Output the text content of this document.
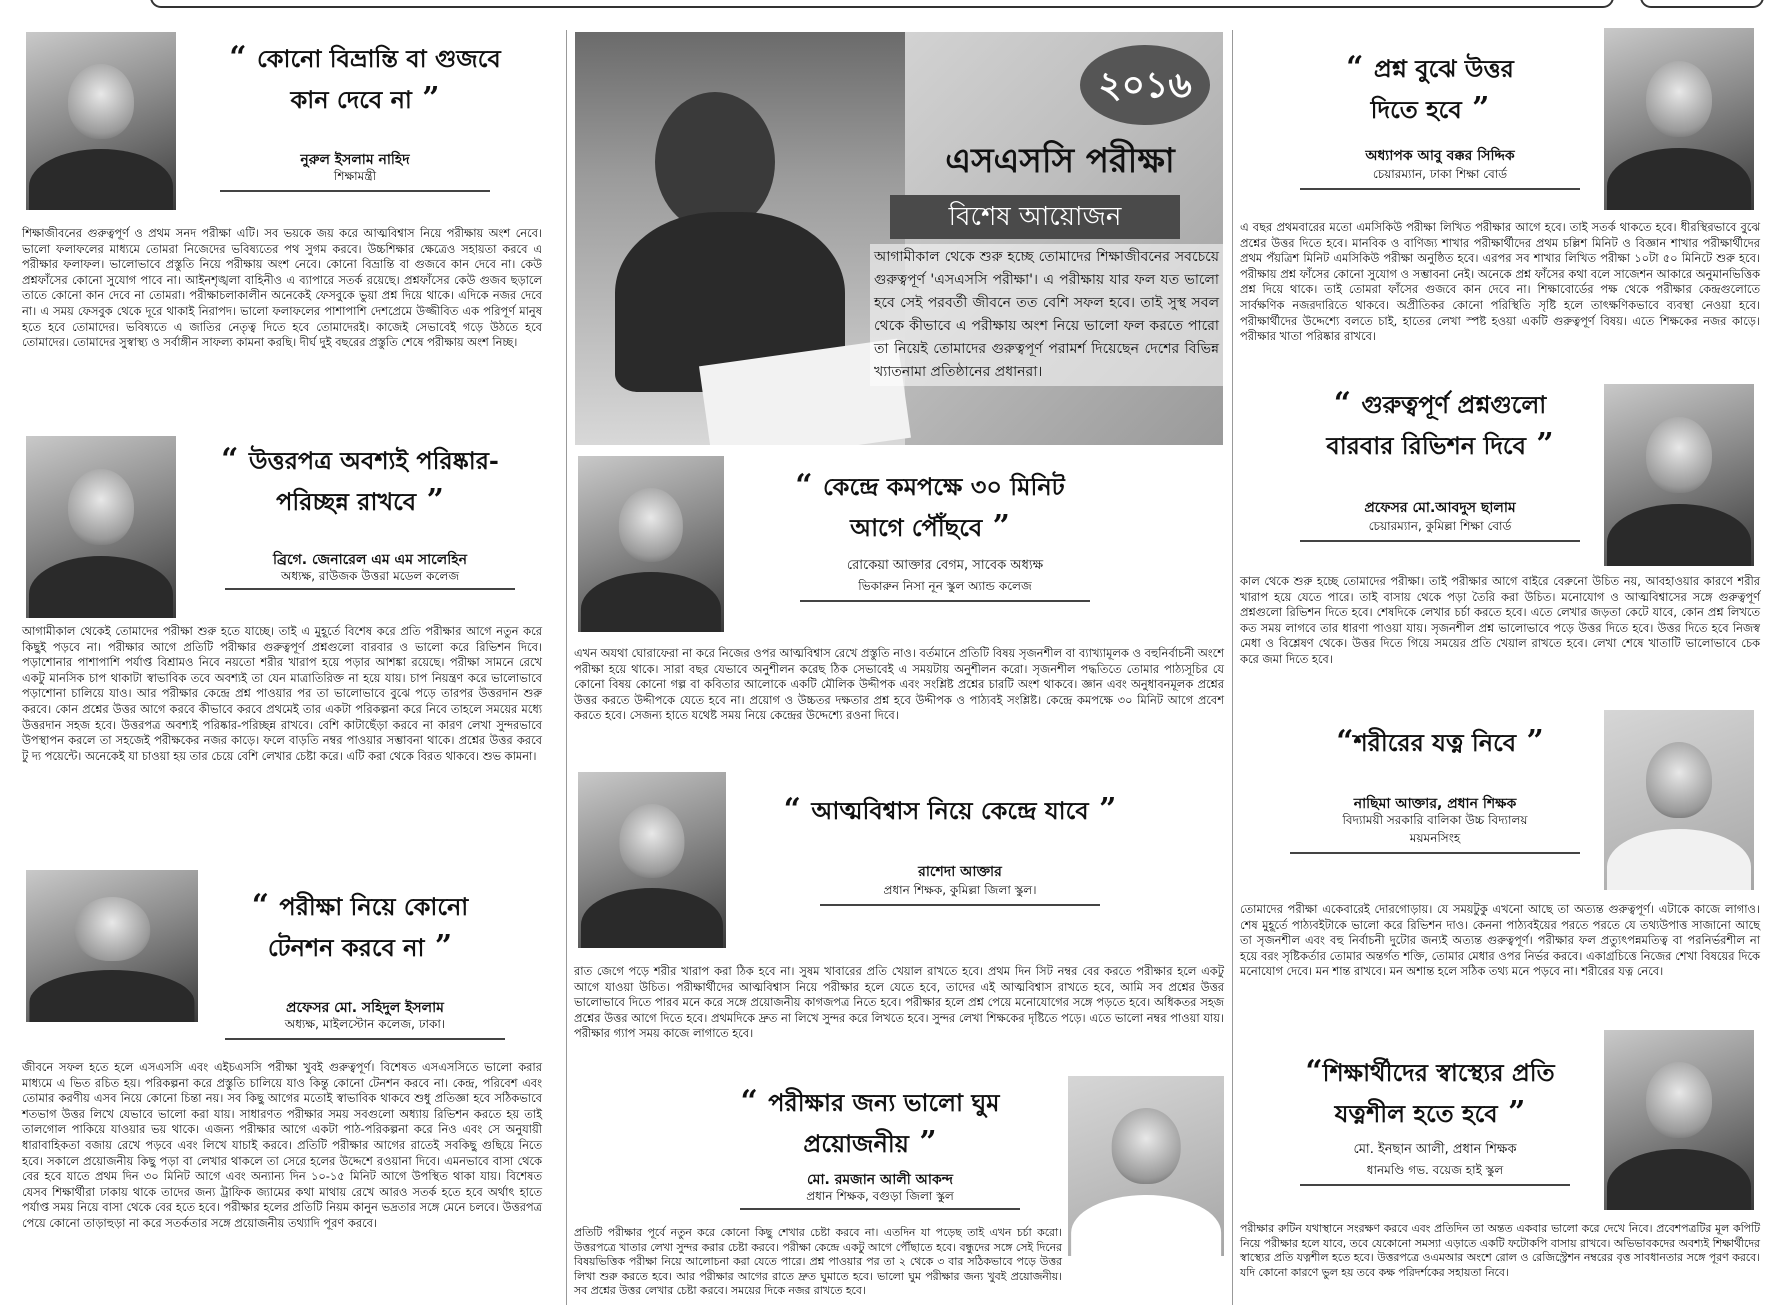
২০১৬
এসএসসি পরীক্ষা
বিশেষ আয়োজন
আগামীকাল থেকে শুরু হচ্ছে তোমাদের শিক্ষাজীবনের সবচেয়ে গুরুত্বপূর্ণ 'এসএসসি পরীক্ষা'। এ পরীক্ষায় যার ফল যত ভালো হবে সেই পরবর্তী জীবনে তত বেশি সফল হবে। তাই সুস্থ সবল থেকে কীভাবে এ পরীক্ষায় অংশ নিয়ে ভালো ফল করতে পারো তা নিয়েই তোমাদের গুরুত্বপূর্ণ পরামর্শ দিয়েছেন দেশের বিভিন্ন খ্যাতনামা প্রতিষ্ঠানের প্রধানরা।
“ কোনো বিভ্রান্তি বা গুজবে
কান দেবে না ”
নুরুল ইসলাম নাহিদ
শিক্ষামন্ত্রী
শিক্ষাজীবনের গুরুত্বপূর্ণ ও প্রথম সনদ পরীক্ষা এটি। সব ভয়কে জয় করে আত্মবিশ্বাস নিয়ে পরীক্ষায় অংশ নেবে। ভালো ফলাফলের মাধ্যমে তোমরা নিজেদের ভবিষ্যতের পথ সুগম করবে। উচ্চশিক্ষার ক্ষেত্রেও সহায়তা করবে এ পরীক্ষার ফলাফল। ভালোভাবে প্রস্তুতি নিয়ে পরীক্ষায় অংশ নেবে। কোনো বিভ্রান্তি বা গুজবে কান দেবে না। কেউ প্রশ্নফাঁসের কোনো সুযোগ পাবে না। আইনশৃঙ্খলা বাহিনীও এ ব্যাপারে সতর্ক রয়েছে। প্রশ্নফাঁসের কেউ গুজব ছড়ালে তাতে কোনো কান দেবে না তোমরা। পরীক্ষাচলাকালীন অনেকেই ফেসবুকে ভুয়া প্রশ্ন দিয়ে থাকে। এদিকে নজর দেবে না। এ সময় ফেসবুক থেকে দূরে থাকাই নিরাপদ। ভালো ফলাফলের পাশাপাশি দেশপ্রেমে উজ্জীবিত এক পরিপূর্ণ মানুষ হতে হবে তোমাদের। ভবিষ্যতে এ জাতির নেতৃত্ব দিতে হবে তোমাদেরই। কাজেই সেভাবেই গড়ে উঠতে হবে তোমাদের। তোমাদের সুস্বাস্থ্য ও সর্বাঙ্গীন সাফল্য কামনা করছি। দীর্ঘ দুই বছরের প্রস্তুতি শেষে পরীক্ষায় অংশ নিচ্ছ।
“ উত্তরপত্র অবশ্যই পরিষ্কার-
পরিচ্ছন্ন রাখবে ”
ব্রিগে. জেনারেল এম এম সালেহিন
অধ্যক্ষ, রাউজক উত্তরা মডেল কলেজ
আগামীকাল থেকেই তোমাদের পরীক্ষা শুরু হতে যাচ্ছে। তাই এ মুহূর্তে বিশেষ করে প্রতি পরীক্ষার আগে নতুন করে কিছুই পড়বে না। পরীক্ষার আগে প্রতিটি পরীক্ষার গুরুত্বপূর্ণ প্রশ্নগুলো বারবার ও ভালো করে রিভিশন দিবে। পড়াশোনার পাশাপাশি পর্যাপ্ত বিশ্রামও নিবে নয়তো শরীর খারাপ হয়ে পড়ার আশঙ্কা রয়েছে। পরীক্ষা সামনে রেখে একটু মানসিক চাপ থাকাটা স্বাভাবিক তবে অবশ্যই তা যেন মাত্রাতিরিক্ত না হয়ে যায়। চাপ নিয়ন্ত্রণ করে ভালোভাবে পড়াশোনা চালিয়ে যাও। আর পরীক্ষার কেন্দ্রে প্রশ্ন পাওয়ার পর তা ভালোভাবে বুঝে পড়ে তারপর উত্তরদান শুরু করবে। কোন প্রশ্নের উত্তর আগে করবে কীভাবে করবে প্রথমেই তার একটা পরিকল্পনা করে নিবে তাহলে সময়ের মধ্যে উত্তরদান সহজ হবে। উত্তরপত্র অবশ্যই পরিষ্কার-পরিচ্ছন্ন রাখবে। বেশি কাটাছেঁড়া করবে না কারণ লেখা সুন্দরভাবে উপস্থাপন করলে তা সহজেই পরীক্ষকের নজর কাড়ে। ফলে বাড়তি নম্বর পাওয়ার সম্ভাবনা থাকে। প্রশ্নের উত্তর করবে টু দ্য পয়েন্টে। অনেকেই যা চাওয়া হয় তার চেয়ে বেশি লেখার চেষ্টা করে। এটি করা থেকে বিরত থাকবে। শুভ কামনা।
“ পরীক্ষা নিয়ে কোনো
টেনশন করবে না ”
প্রফেসর মো. সহিদুল ইসলাম
অধ্যক্ষ, মাইলস্টোন কলেজ, ঢাকা।
জীবনে সফল হতে হলে এসএসসি এবং এইচএসসি পরীক্ষা খুবই গুরুত্বপূর্ণ। বিশেষত এসএসসিতে ভালো করার মাধ্যমে এ ভিত রচিত হয়। পরিকল্পনা করে প্রস্তুতি চালিয়ে যাও কিন্তু কোনো টেনশন করবে না। কেন্দ্র, পরিবেশ এবং তোমার করণীয় এসব নিয়ে কোনো চিন্তা নয়। সব কিছু আগের মতোই স্বাভাবিক থাকবে শুধু প্রতিজ্ঞা হবে সঠিকভাবে শতভাগ উত্তর লিখে যেভাবে ভালো করা যায়। সাধারণত পরীক্ষার সময় সবগুলো অধ্যায় রিভিশন করতে হয় তাই তালগোল পাকিয়ে যাওয়ার ভয় থাকে। এজন্য পরীক্ষার আগে একটা পাঠ-পরিকল্পনা করে নিও এবং সে অনুযায়ী ধারাবাহিকতা বজায় রেখে পড়বে এবং লিখে যাচাই করবে। প্রতিটি পরীক্ষার আগের রাতেই সবকিছু গুছিয়ে নিতে হবে। সকালে প্রয়োজনীয় কিছু পড়া বা লেখার থাকলে তা সেরে হলের উদ্দেশে রওয়ানা দিবে। এমনভাবে বাসা থেকে বের হবে যাতে প্রথম দিন ৩০ মিনিট আগে এবং অন্যান্য দিন ১০-১৫ মিনিট আগে উপস্থিত থাকা যায়। বিশেষত যেসব শিক্ষার্থীরা ঢাকায় থাকে তাদের জন্য ট্রাফিক জ্যামের কথা মাথায় রেখে আরও সতর্ক হতে হবে অর্থাৎ হাতে পর্যাপ্ত সময় নিয়ে বাসা থেকে বের হতে হবে। পরীক্ষার হলের প্রতিটি নিয়ম কানুন ভদ্রতার সঙ্গে মেনে চলবে। উত্তরপত্র পেয়ে কোনো তাড়াহুড়া না করে সতর্কতার সঙ্গে প্রয়োজনীয় তথ্যাদি পূরণ করবে।
“ কেন্দ্রে কমপক্ষে ৩০ মিনিট
আগে পৌঁছবে ”
রোকেয়া আক্তার বেগম, সাবেক অধ্যক্ষ
ভিকারুন নিসা নূন স্কুল অ্যান্ড কলেজ
এখন অযথা ঘোরাফেরা না করে নিজের ওপর আত্মবিশ্বাস রেখে প্রস্তুতি নাও। বর্তমানে প্রতিটি বিষয় সৃজনশীল বা ব্যাখ্যামূলক ও বহুনির্বাচনী অংশে পরীক্ষা হয়ে থাকে। সারা বছর যেভাবে অনুশীলন করেছ ঠিক সেভাবেই এ সময়টায় অনুশীলন করো। সৃজনশীল পদ্ধতিতে তোমার পাঠ্যসূচির যে কোনো বিষয় কোনো গল্প বা কবিতার আলোকে একটি মৌলিক উদ্দীপক এবং সংশ্লিষ্ট প্রশ্নের চারটি অংশ থাকবে। জ্ঞান এবং অনুধাবনমূলক প্রশ্নের উত্তর করতে উদ্দীপকে যেতে হবে না। প্রয়োগ ও উচ্চতর দক্ষতার প্রশ্ন হবে উদ্দীপক ও পাঠ্যবই সংশ্লিষ্ট। কেন্দ্রে কমপক্ষে ৩০ মিনিট আগে প্রবেশ করতে হবে। সেজন্য হাতে যথেষ্ট সময় নিয়ে কেন্দ্রের উদ্দেশ্যে রওনা দিবে।
“ আত্মবিশ্বাস নিয়ে কেন্দ্রে যাবে ”
রাশেদা আক্তার
প্রধান শিক্ষক, কুমিল্লা জিলা স্কুল।
রাত জেগে পড়ে শরীর খারাপ করা ঠিক হবে না। সুষম খাবারের প্রতি খেয়াল রাখতে হবে। প্রথম দিন সিট নম্বর বের করতে পরীক্ষার হলে একটু আগে যাওয়া উচিত। পরীক্ষার্থীদের আত্মবিশ্বাস নিয়ে পরীক্ষার হলে যেতে হবে, তাদের এই আত্মবিশ্বাস রাখতে হবে, আমি সব প্রশ্নের উত্তর ভালোভাবে দিতে পারব মনে করে সঙ্গে প্রয়োজনীয় কাগজপত্র নিতে হবে। পরীক্ষার হলে প্রশ্ন পেয়ে মনোযোগের সঙ্গে পড়তে হবে। অধিকতর সহজ প্রশ্নের উত্তর আগে দিতে হবে। প্রথমদিকে দ্রুত না লিখে সুন্দর করে লিখতে হবে। সুন্দর লেখা শিক্ষকের দৃষ্টিতে পড়ে। এতে ভালো নম্বর পাওয়া যায়। পরীক্ষার গ্যাপ সময় কাজে লাগাতে হবে।
“ পরীক্ষার জন্য ভালো ঘুম
প্রয়োজনীয় ”
মো. রমজান আলী আকন্দ
প্রধান শিক্ষক, বগুড়া জিলা স্কুল
প্রতিটি পরীক্ষার পূর্বে নতুন করে কোনো কিছু শেখার চেষ্টা করবে না। এতদিন যা পড়েছ তাই এখন চর্চা করো। উত্তরপত্রে খাতার লেখা সুন্দর করার চেষ্টা করবে। পরীক্ষা কেন্দ্রে একটু আগে পৌঁছাতে হবে। বন্ধুদের সঙ্গে সেই দিনের বিষয়ভিত্তিক পরীক্ষা নিয়ে আলোচনা করা যেতে পারে। প্রশ্ন পাওয়ার পর তা ২ থেকে ৩ বার সঠিকভাবে পড়ে উত্তর লিখা শুরু করতে হবে। আর পরীক্ষার আগের রাতে দ্রুত ঘুমাতে হবে। ভালো ঘুম পরীক্ষার জন্য খুবই প্রয়োজনীয়। সব প্রশ্নের উত্তর লেখার চেষ্টা করবে। সময়ের দিকে নজর রাখতে হবে।
“ প্রশ্ন বুঝে উত্তর
দিতে হবে ”
অধ্যাপক আবু বক্কর সিদ্দিক
চেয়ারম্যান, ঢাকা শিক্ষা বোর্ড
এ বছর প্রথমবারের মতো এমসিকিউ পরীক্ষা লিখিত পরীক্ষার আগে হবে। তাই সতর্ক থাকতে হবে। ধীরস্থিরভাবে বুঝে প্রশ্নের উত্তর দিতে হবে। মানবিক ও বাণিজ্য শাখার পরীক্ষার্থীদের প্রথম চল্লিশ মিনিট ও বিজ্ঞান শাখার পরীক্ষার্থীদের প্রথম পঁয়ত্রিশ মিনিট এমসিকিউ পরীক্ষা অনুষ্ঠিত হবে। এরপর সব শাখার লিখিত পরীক্ষা ১০টা ৫০ মিনিটে শুরু হবে। পরীক্ষায় প্রশ্ন ফাঁসের কোনো সুযোগ ও সম্ভাবনা নেই। অনেকে প্রশ্ন ফাঁসের কথা বলে সাজেশন আকারে অনুমানভিত্তিক প্রশ্ন দিয়ে থাকে। তাই তোমরা ফাঁসের গুজবে কান দেবে না। শিক্ষাবোর্ডের পক্ষ থেকে পরীক্ষার কেন্দ্রগুলোতে সার্বক্ষণিক নজরদারিতে থাকবে। অপ্রীতিকর কোনো পরিস্থিতি সৃষ্টি হলে তাৎক্ষণিকভাবে ব্যবস্থা নেওয়া হবে। পরীক্ষার্থীদের উদ্দেশ্যে বলতে চাই, হাতের লেখা স্পষ্ট হওয়া একটি গুরুত্বপূর্ণ বিষয়। এতে শিক্ষকের নজর কাড়ে। পরীক্ষার খাতা পরিষ্কার রাখবে।
“ গুরুত্বপূর্ণ প্রশ্নগুলো
বারবার রিভিশন দিবে ”
প্রফেসর মো.আবদুস ছালাম
চেয়ারম্যান, কুমিল্লা শিক্ষা বোর্ড
কাল থেকে শুরু হচ্ছে তোমাদের পরীক্ষা। তাই পরীক্ষার আগে বাইরে বেরুনো উচিত নয়, আবহাওয়ার কারণে শরীর খারাপ হয়ে যেতে পারে। তাই বাসায় থেকে পড়া তৈরি করা উচিত। মনোযোগ ও আত্মবিশ্বাসের সঙ্গে গুরুত্বপূর্ণ প্রশ্নগুলো রিভিশন দিতে হবে। শেষদিকে লেখার চর্চা করতে হবে। এতে লেখার জড়তা কেটে যাবে, কোন প্রশ্ন লিখতে কত সময় লাগবে তার ধারণা পাওয়া যায়। সৃজনশীল প্রশ্ন ভালোভাবে পড়ে উত্তর দিতে হবে। উত্তর দিতে হবে নিজস্ব মেধা ও বিশ্লেষণ থেকে। উত্তর দিতে গিয়ে সময়ের প্রতি খেয়াল রাখতে হবে। লেখা শেষে খাতাটি ভালোভাবে চেক করে জমা দিতে হবে।
“শরীরের যত্ন নিবে ”
নাছিমা আক্তার, প্রধান শিক্ষক
বিদ্যাময়ী সরকারি বালিকা উচ্চ বিদ্যালয়
ময়মনসিংহ
তোমাদের পরীক্ষা একেবারেই দোরগোড়ায়। যে সময়টুকু এখনো আছে তা অত্যন্ত গুরুত্বপূর্ণ। এটাকে কাজে লাগাও। শেষ মুহূর্তে পাঠ্যবইটাকে ভালো করে রিভিশন দাও। কেননা পাঠ্যবইয়ের পরতে পরতে যে তথ্যউপাত্ত সাজানো আছে তা সৃজনশীল এবং বহু নির্বাচনী দুটোর জন্যই অত্যন্ত গুরুত্বপূর্ণ। পরীক্ষার ফল প্রত্যুৎপন্নমতিত্ব বা পরনির্ভরশীল না হয়ে বরং সৃষ্টিকর্তার তোমার অন্তর্গত শক্তি, তোমার মেধার ওপর নির্ভর করবে। একাগ্রচিত্তে নিজের শেখা বিষয়ের দিকে মনোযোগ দেবে। মন শান্ত রাখবে। মন অশান্ত হলে সঠিক তথ্য মনে পড়বে না। শরীরের যত্ন নেবে।
“শিক্ষার্থীদের স্বাস্থ্যের প্রতি
যত্নশীল হতে হবে ”
মো. ইনছান আলী, প্রধান শিক্ষক
ধানমণ্ডি গভ. বয়েজ হাই স্কুল
পরীক্ষার রুটিন যথাস্থানে সংরক্ষণ করবে এবং প্রতিদিন তা অন্তত একবার ভালো করে দেখে নিবে। প্রবেশপত্রটির মূল কপিটি নিয়ে পরীক্ষার হলে যাবে, তবে যেকোনো সমস্যা এড়াতে একটি ফটোকপি বাসায় রাখবে। অভিভাবকদের অবশ্যই শিক্ষার্থীদের স্বাস্থ্যের প্রতি যত্নশীল হতে হবে। উত্তরপত্রে ওএমআর অংশে রোল ও রেজিস্ট্রেশন নম্বরের বৃত্ত সাবধানতার সঙ্গে পূরণ করবে। যদি কোনো কারণে ভুল হয় তবে কক্ষ পরিদর্শকের সহায়তা নিবে।
